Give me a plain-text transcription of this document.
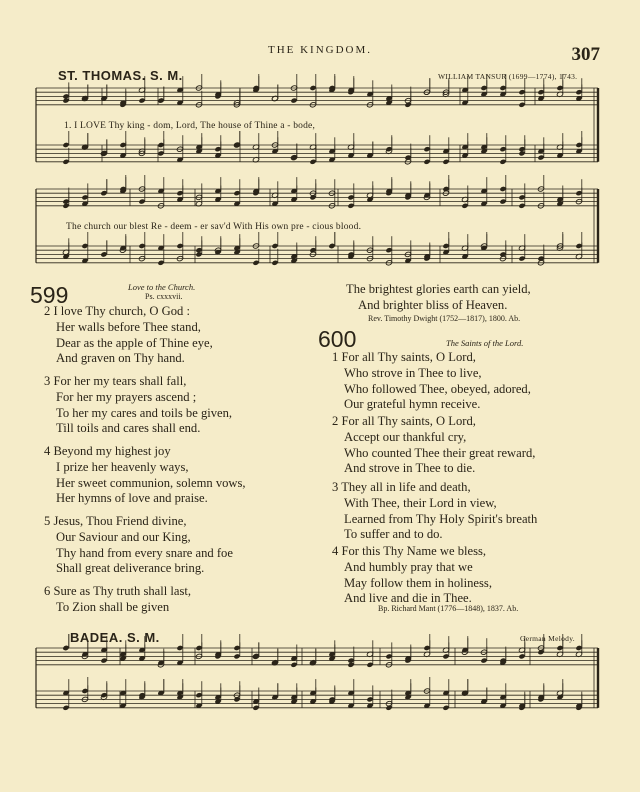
THE KINGDOM.	307
ST. THOMAS. S. M.	WILLIAM TANSUR (1699—1774), 1743.
1. I LOVE Thy king - dom, Lord, The house of Thine a - bode,
The church our blest Re - deem - er sav'd With His own pre - cious blood.
599	Love to the Church.
Ps. cxxxvii.
2 I love Thy church, O God :
Her walls before Thee stand,
Dear as the apple of Thine eye,
And graven on Thy hand.
3 For her my tears shall fall,
For her my prayers ascend ;
To her my cares and toils be given,
Till toils and cares shall end.
4 Beyond my highest joy
I prize her heavenly ways,
Her sweet communion, solemn vows,
Her hymns of love and praise.
5 Jesus, Thou Friend divine,
Our Saviour and our King,
Thy hand from every snare and foe
Shall great deliverance bring.
6 Sure as Thy truth shall last,
To Zion shall be given
The brightest glories earth can yield,
And brighter bliss of Heaven.
Rev. Timothy Dwight (1752—1817), 1800. Ab.
600	The Saints of the Lord.
1 For all Thy saints, O Lord,
Who strove in Thee to live,
Who followed Thee, obeyed, adored,
Our grateful hymn receive.
2 For all Thy saints, O Lord,
Accept our thankful cry,
Who counted Thee their great reward,
And strove in Thee to die.
3 They all in life and death,
With Thee, their Lord in view,
Learned from Thy Holy Spirit's breath
To suffer and to do.
4 For this Thy Name we bless,
And humbly pray that we
May follow them in holiness,
And live and die in Thee.
Bp. Richard Mant (1776—1848), 1837. Ab.
BADEA. S. M.	German Melody.
